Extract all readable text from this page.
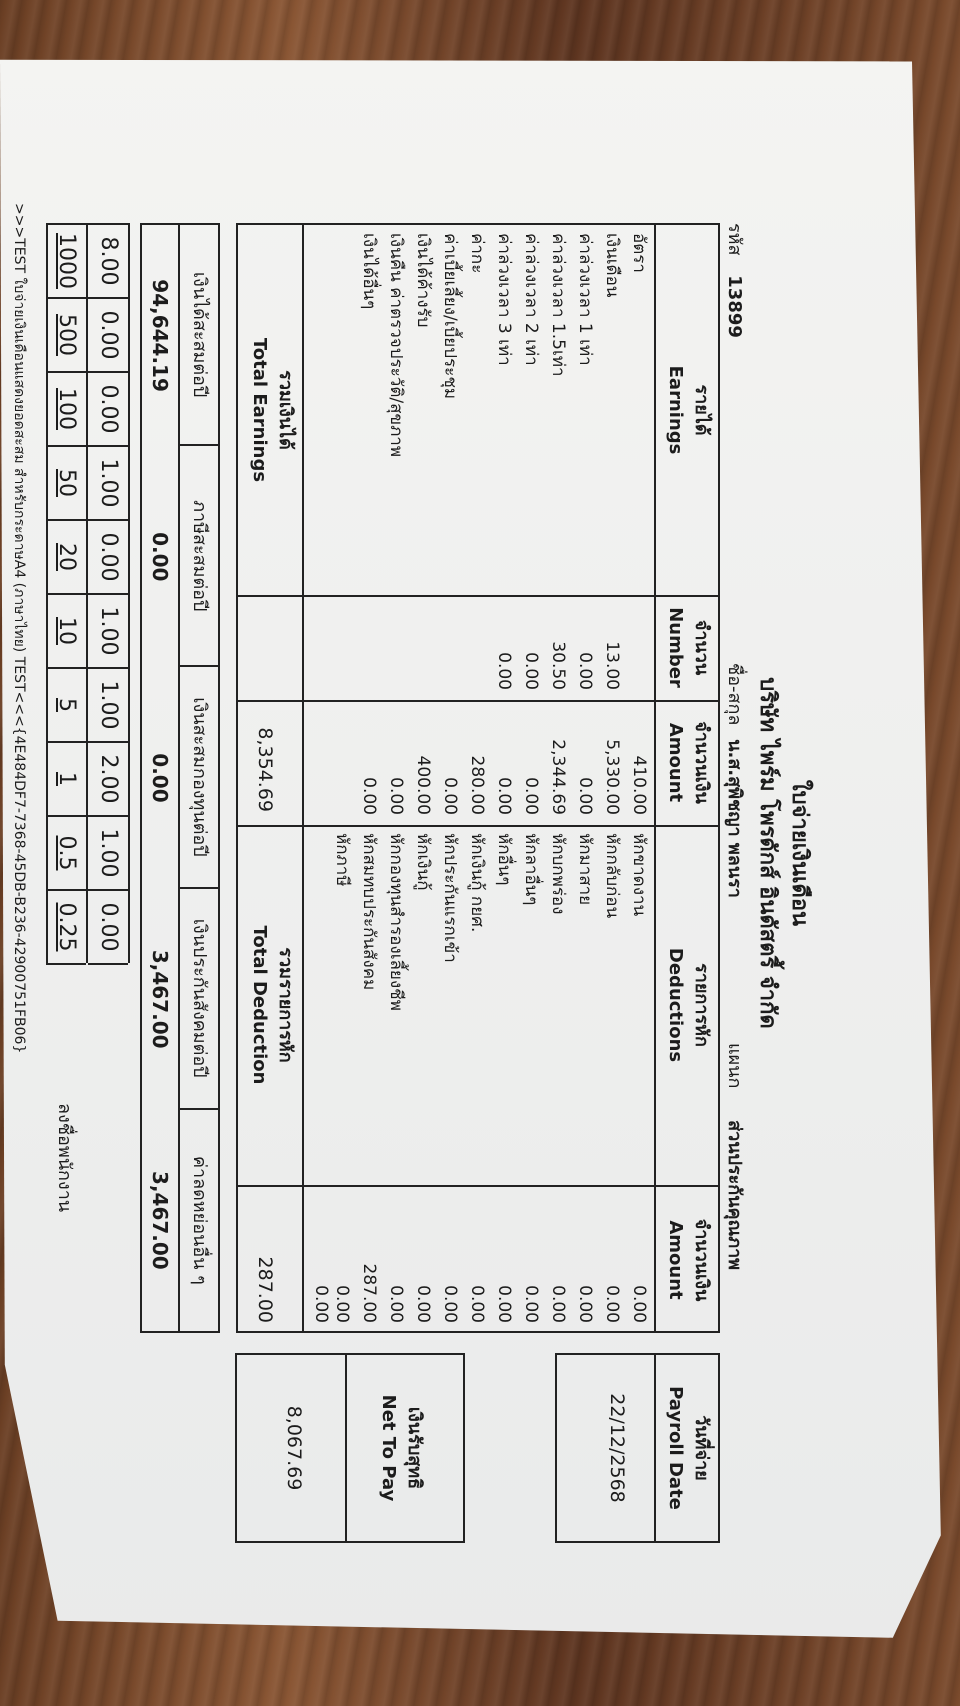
ใบจ่ายเงินเดือน
บริษัท ไพร์ม โพรดักส์ อินดัสตรี้ จำกัด
รหัส 13899
ชื่อ-สกุล น.ส.สุพิชญา พลนรา
แผนก ส่วนประกันคุณภาพ
รายได้
Earnings
จำนวน
Number
จำนวนเงิน
Amount
รายการหัก
Deductions
จำนวนเงิน
Amount
อัตรา
410.00
เงินเดือน
13.00
5,330.00
ค่าล่วงเวลา 1 เท่า
0.00
0.00
ค่าล่วงเวลา 1.5เท่า
30.50
2,344.69
ค่าล่วงเวลา 2 เท่า
0.00
0.00
ค่าล่วงเวลา 3 เท่า
0.00
0.00
ค่ากะ
280.00
ค่าเบี้ยเลี้ยง/เบี้ยประชุม
0.00
เงินได้ค้างรับ
400.00
เงินคืน ค่าตรวจประวัติ/สุขภาพ
0.00
เงินได้อื่นๆ
0.00
หักขาดงาน
0.00
หักกลับก่อน
0.00
หักมาสาย
0.00
หักบกพร่อง
0.00
หักลาอื่นๆ
0.00
หักอื่นๆ
0.00
หักเงินกู้ กยศ.
0.00
หักประกันแรกเข้า
0.00
หักเงินกู้
0.00
หักกองทุนสำรองเลี้ยงชีพ
0.00
หักสมทบประกันสังคม
287.00
หักภาษี
0.00
0.00
รวมเงินได้
Total Earnings
8,354.69
รวมรายการหัก
Total Deduction
287.00
วันที่จ่าย
Payroll Date
22/12/2568
เงินรับสุทธิ
Net To Pay
8,067.69
เงินได้สะสมต่อปี
94,644.19
ภาษีสะสมต่อปี
0.00
เงินสะสมกองทุนต่อปี
0.00
เงินประกันสังคมต่อปี
3,467.00
ค่าลดหย่อนอื่น ๆ
3,467.00
8.00
1000
0.00
500
0.00
100
1.00
50
0.00
20
1.00
10
1.00
5
2.00
1
1.00
0.5
0.00
0.25
ลงชื่อพนักงาน
>>>TEST ใบจ่ายเงินเดือนแสดงยอดสะสม สำหรับกระดาษA4 (ภาษาไทย) TEST<<<{4E484DF7-7368-45DB-B236-42900751FB06}
